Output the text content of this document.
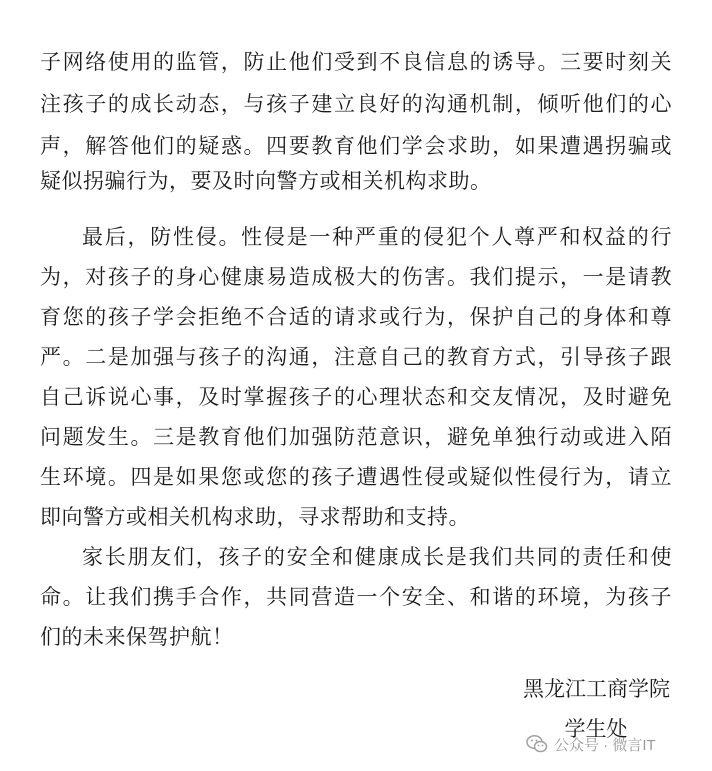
子网络使用的监管，防止他们受到不良信息的诱导。三要时刻关
注孩子的成长动态，与孩子建立良好的沟通机制，倾听他们的心
声，解答他们的疑惑。四要教育他们学会求助，如果遭遇拐骗或
疑似拐骗行为，要及时向警方或相关机构求助。
最后，防性侵。性侵是一种严重的侵犯个人尊严和权益的行
为，对孩子的身心健康易造成极大的伤害。我们提示，一是请教
育您的孩子学会拒绝不合适的请求或行为，保护自己的身体和尊
严。二是加强与孩子的沟通，注意自己的教育方式，引导孩子跟
自己诉说心事，及时掌握孩子的心理状态和交友情况，及时避免
问题发生。三是教育他们加强防范意识，避免单独行动或进入陌
生环境。四是如果您或您的孩子遭遇性侵或疑似性侵行为，请立
即向警方或相关机构求助，寻求帮助和支持。
家长朋友们，孩子的安全和健康成长是我们共同的责任和使
命。让我们携手合作，共同营造一个安全、和谐的环境，为孩子
们的未来保驾护航！
黑龙江工商学院
学生处
公众号 · 微言IT
